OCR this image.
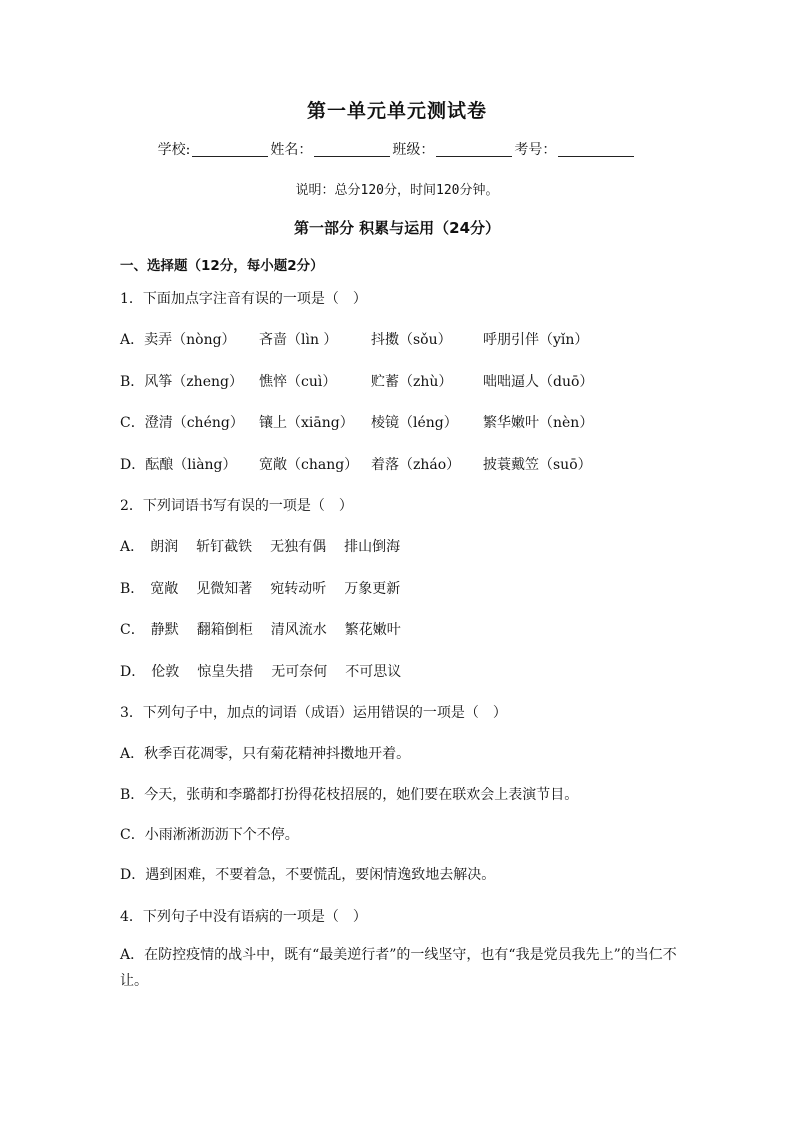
第一单元单元测试卷
学校:	姓名：	班级：	考号：
说明：总分120分，时间120分钟。
第一部分 积累与运用（24分）
一、选择题（12分，每小题2分）
1．下面加点字注音有误的一项是（　）
A．卖弄（nòng） 吝啬（lìn ） 抖擞（sǒu） 呼朋引伴（yǐn）
B．风筝（zheng） 憔悴（cuì） 贮蓄（zhù） 咄咄逼人（duō）
C．澄清（chéng） 镶上（xiāng） 棱镜（léng） 繁华嫩叶（nèn）
D．酝酿（liàng） 宽敞（chang） 着落（zháo） 披蓑戴笠（suō）
2．下列词语书写有误的一项是（　）
A． 朗润 斩钉截铁 无独有偶 排山倒海
B． 宽敞 见微知著 宛转动听 万象更新
C． 静默 翻箱倒柜 清风流水 繁花嫩叶
D． 伦敦 惊皇失措 无可奈何 不可思议
3．下列句子中，加点的词语（成语）运用错误的一项是（　）
A．秋季百花凋零，只有菊花精神抖擞地开着。
B．今天，张萌和李璐都打扮得花枝招展的，她们要在联欢会上表演节目。
C．小雨淅淅沥沥下个不停。
D．遇到困难，不要着急，不要慌乱，要闲情逸致地去解决。
4．下列句子中没有语病的一项是（　）
A．在防控疫情的战斗中，既有“最美逆行者”的一线坚守，也有“我是党员我先上”的当仁不让。
